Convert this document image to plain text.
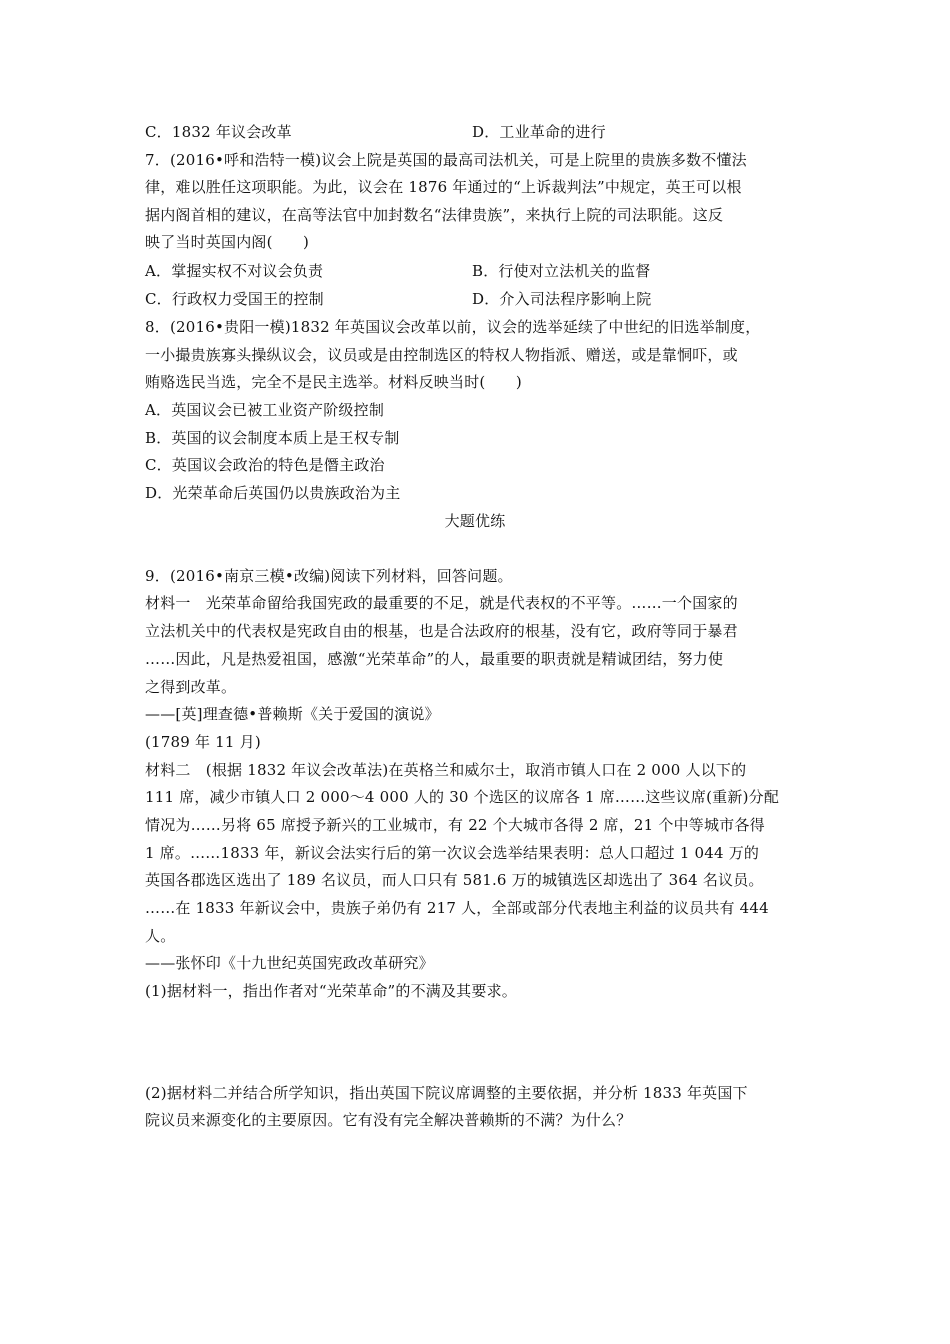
C．1832 年议会改革	D．工业革命的进行
7．(2016•呼和浩特一模)议会上院是英国的最高司法机关，可是上院里的贵族多数不懂法
律，难以胜任这项职能。为此，议会在 1876 年通过的“上诉裁判法”中规定，英王可以根
据内阁首相的建议，在高等法官中加封数名“法律贵族”，来执行上院的司法职能。这反
映了当时英国内阁(　　)
A．掌握实权不对议会负责	B．行使对立法机关的监督
C．行政权力受国王的控制	D．介入司法程序影响上院
8．(2016•贵阳一模)1832 年英国议会改革以前，议会的选举延续了中世纪的旧选举制度，
一小撮贵族寡头操纵议会，议员或是由控制选区的特权人物指派、赠送，或是靠恫吓，或
贿赂选民当选，完全不是民主选举。材料反映当时(　　)
A．英国议会已被工业资产阶级控制
B．英国的议会制度本质上是王权专制
C．英国议会政治的特色是僭主政治
D．光荣革命后英国仍以贵族政治为主
大题优练
9．(2016•南京三模•改编)阅读下列材料，回答问题。
材料一　光荣革命留给我国宪政的最重要的不足，就是代表权的不平等。……一个国家的
立法机关中的代表权是宪政自由的根基，也是合法政府的根基，没有它，政府等同于暴君
……因此，凡是热爱祖国，感激“光荣革命”的人，最重要的职责就是精诚团结，努力使
之得到改革。
——[英]理查德•普赖斯《关于爱国的演说》
(1789 年 11 月)
材料二　(根据 1832 年议会改革法)在英格兰和威尔士，取消市镇人口在 2 000 人以下的
111 席，减少市镇人口 2 000～4 000 人的 30 个选区的议席各 1 席……这些议席(重新)分配
情况为……另将 65 席授予新兴的工业城市，有 22 个大城市各得 2 席，21 个中等城市各得
1 席。……1833 年，新议会法实行后的第一次议会选举结果表明：总人口超过 1 044 万的
英国各郡选区选出了 189 名议员，而人口只有 581.6 万的城镇选区却选出了 364 名议员。
……在 1833 年新议会中，贵族子弟仍有 217 人，全部或部分代表地主利益的议员共有 444
人。
——张怀印《十九世纪英国宪政改革研究》
(1)据材料一，指出作者对“光荣革命”的不满及其要求。
(2)据材料二并结合所学知识，指出英国下院议席调整的主要依据，并分析 1833 年英国下
院议员来源变化的主要原因。它有没有完全解决普赖斯的不满？为什么？
